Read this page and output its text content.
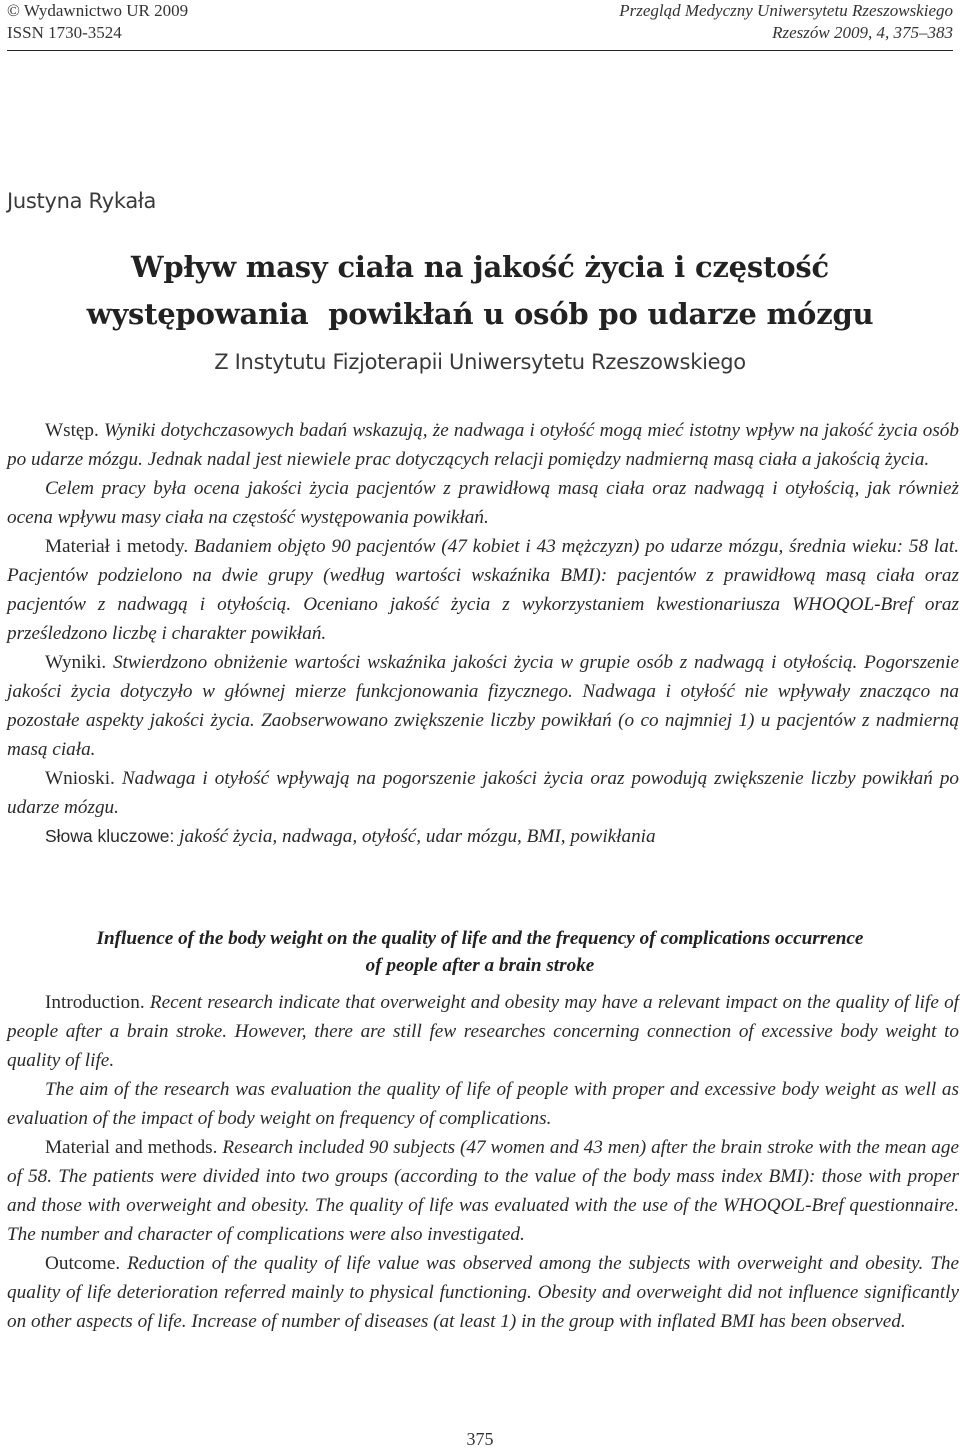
© Wydawnictwo UR 2009
ISSN 1730-3524
Przegląd Medyczny Uniwersytetu Rzeszowskiego
Rzeszów 2009, 4, 375–383
Justyna Rykała
Wpływ masy ciała na jakość życia i częstość
występowania  powikłań u osób po udarze mózgu
Z Instytutu Fizjoterapii Uniwersytetu Rzeszowskiego

Wstęp. Wyniki dotychczasowych badań wskazują, że nadwaga i otyłość mogą mieć istotny wpływ na jakość życia osób po udarze mózgu. Jednak nadal jest niewiele prac dotyczących relacji pomiędzy nadmierną masą ciała a jakością życia.

Celem pracy była ocena jakości życia pacjentów z prawidłową masą ciała oraz nadwagą i otyłością, jak również ocena wpływu masy ciała na częstość występowania powikłań.

Materiał i metody. Badaniem objęto 90 pacjentów (47 kobiet i 43 mężczyzn) po udarze mózgu, średnia wieku: 58 lat. Pacjentów podzielono na dwie grupy (według wartości wskaźnika BMI): pacjentów z prawidłową masą ciała oraz pacjentów z nadwagą i otyłością. Oceniano jakość życia z wykorzystaniem kwestionariusza WHOQOL-Bref oraz prześledzono liczbę i charakter powikłań.

Wyniki. Stwierdzono obniżenie wartości wskaźnika jakości życia w grupie osób z nadwagą i otyłością. Pogorszenie jakości życia dotyczyło w głównej mierze funkcjonowania fizycznego. Nadwaga i otyłość nie wpływały znacząco na pozostałe aspekty jakości życia. Zaobserwowano zwiększenie liczby powikłań (o co najmniej 1) u pacjentów z nadmierną masą ciała.

Wnioski. Nadwaga i otyłość wpływają na pogorszenie jakości życia oraz powodują zwiększenie liczby powikłań po udarze mózgu.

Słowa kluczowe: jakość życia, nadwaga, otyłość, udar mózgu, BMI, powikłania

Influence of the body weight on the quality of life and the frequency of complications occurrence
of people after a brain stroke

Introduction. Recent research indicate that overweight and obesity may have a relevant impact on the quality of life of people after a brain stroke. However, there are still few researches concerning connection of excessive body weight to quality of life.

The aim of the research was evaluation the quality of life of people with proper and excessive body weight as well as evaluation of the impact of body weight on frequency of complications.

Material and methods. Research included 90 subjects (47 women and 43 men) after the brain stroke with the mean age of 58. The patients were divided into two groups (according to the value of the body mass index BMI): those with proper and those with overweight and obesity. The quality of life was evaluated with the use of the WHOQOL-Bref questionnaire. The number and character of complications were also investigated.

Outcome. Reduction of the quality of life value was observed among the subjects with overweight and obesity. The quality of life deterioration referred mainly to physical functioning. Obesity and overweight did not influence significantly on other aspects of life. Increase of number of diseases (at least 1) in the group with inflated BMI has been observed.

375
